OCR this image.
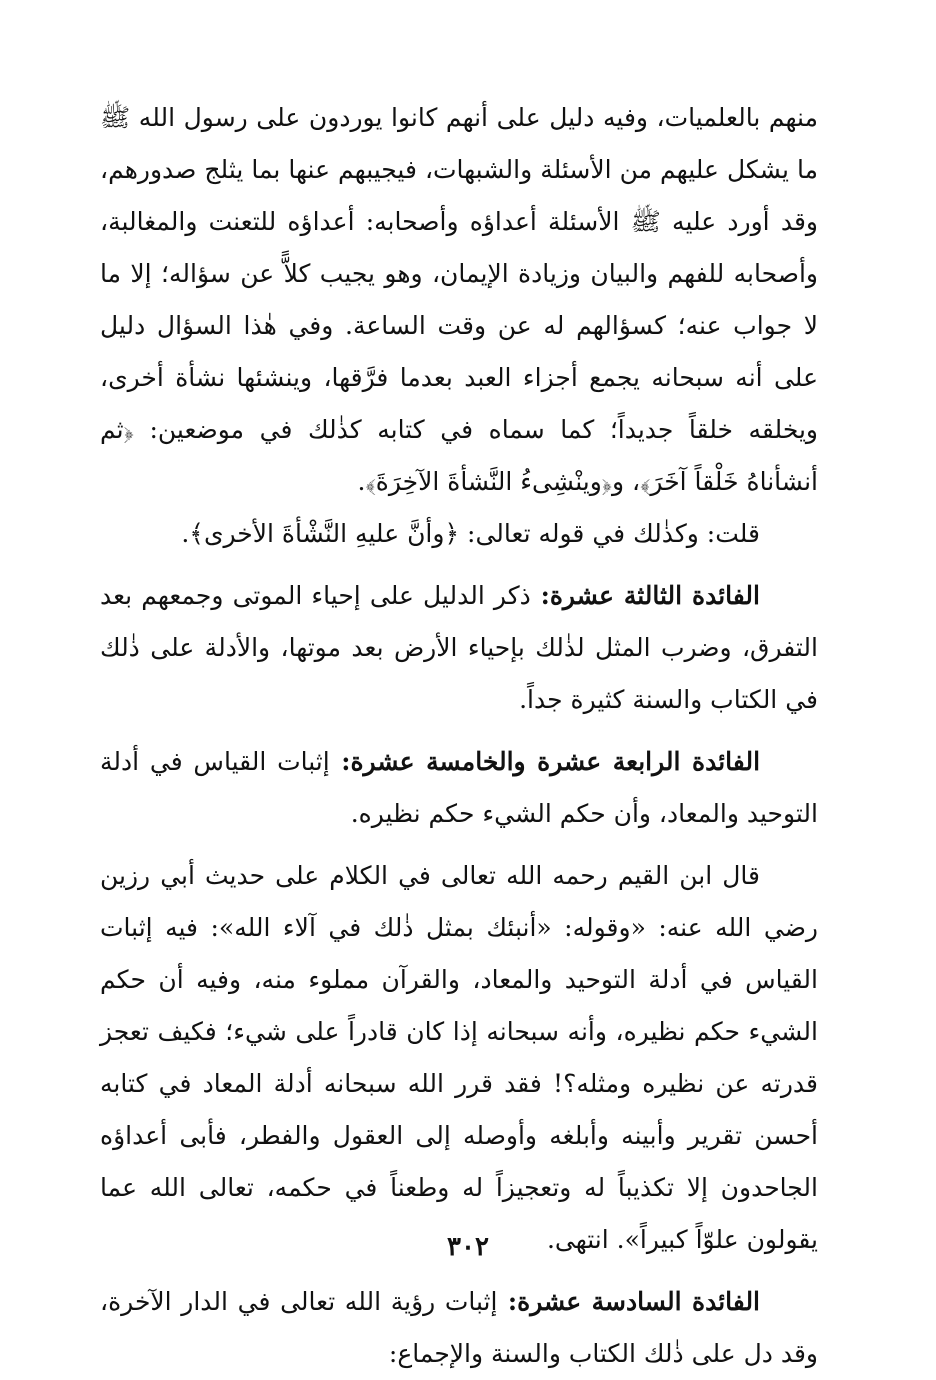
منهم بالعلميات، وفيه دليل على أنهم كانوا يوردون على رسول الله ﷺ ما يشكل عليهم من الأسئلة والشبهات، فيجيبهم عنها بما يثلج صدورهم، وقد أورد عليه ﷺ الأسئلة أعداؤه وأصحابه: أعداؤه للتعنت والمغالبة، وأصحابه للفهم والبيان وزيادة الإيمان، وهو يجيب كلاًّ عن سؤاله؛ إلا ما لا جواب عنه؛ كسؤالهم له عن وقت الساعة. وفي هٰذا السؤال دليل على أنه سبحانه يجمع أجزاء العبد بعدما فرَّقها، وينشئها نشأة أخرى، ويخلقه خلقاً جديداً؛ كما سماه في كتابه كذٰلك في موضعين: ﴿ثم أنشأناهُ خَلْقاً آخَرَ﴾، و﴿وينْشِىءُ النَّشأةَ الآخِرَةَ﴾.

قلت: وكذٰلك في قوله تعالى: ﴿وأنَّ عليهِ النَّشْأةَ الأخرى﴾.

الفائدة الثالثة عشرة: ذكر الدليل على إحياء الموتى وجمعهم بعد التفرق، وضرب المثل لذٰلك بإحياء الأرض بعد موتها، والأدلة على ذٰلك في الكتاب والسنة كثيرة جداً.

الفائدة الرابعة عشرة والخامسة عشرة: إثبات القياس في أدلة التوحيد والمعاد، وأن حكم الشيء حكم نظيره.

قال ابن القيم رحمه الله تعالى في الكلام على حديث أبي رزين رضي الله عنه: «وقوله: «أنبئك بمثل ذٰلك في آلاء الله»: فيه إثبات القياس في أدلة التوحيد والمعاد، والقرآن مملوء منه، وفيه أن حكم الشيء حكم نظيره، وأنه سبحانه إذا كان قادراً على شيء؛ فكيف تعجز قدرته عن نظيره ومثله؟! فقد قرر الله سبحانه أدلة المعاد في كتابه أحسن تقرير وأبينه وأبلغه وأوصله إلى العقول والفطر، فأبى أعداؤه الجاحدون إلا تكذيباً له وتعجيزاً له وطعناً في حكمه، تعالى الله عما يقولون علوّاً كبيراً». انتهى.

الفائدة السادسة عشرة: إثبات رؤية الله تعالى في الدار الآخرة، وقد دل على ذٰلك الكتاب والسنة والإجماع:

٣٠٢
